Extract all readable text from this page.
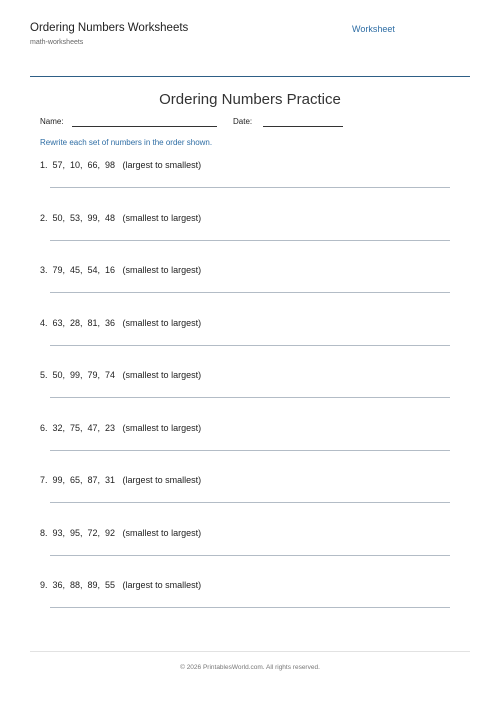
Ordering Numbers Worksheets
math-worksheets
Worksheet
Ordering Numbers Practice
Name:	Date:
Rewrite each set of numbers in the order shown.
1.  57,  10,  66,  98   (largest to smallest)
2.  50,  53,  99,  48   (smallest to largest)
3.  79,  45,  54,  16   (smallest to largest)
4.  63,  28,  81,  36   (smallest to largest)
5.  50,  99,  79,  74   (smallest to largest)
6.  32,  75,  47,  23   (smallest to largest)
7.  99,  65,  87,  31   (largest to smallest)
8.  93,  95,  72,  92   (smallest to largest)
9.  36,  88,  89,  55   (largest to smallest)
© 2026 PrintablesWorld.com. All rights reserved.
